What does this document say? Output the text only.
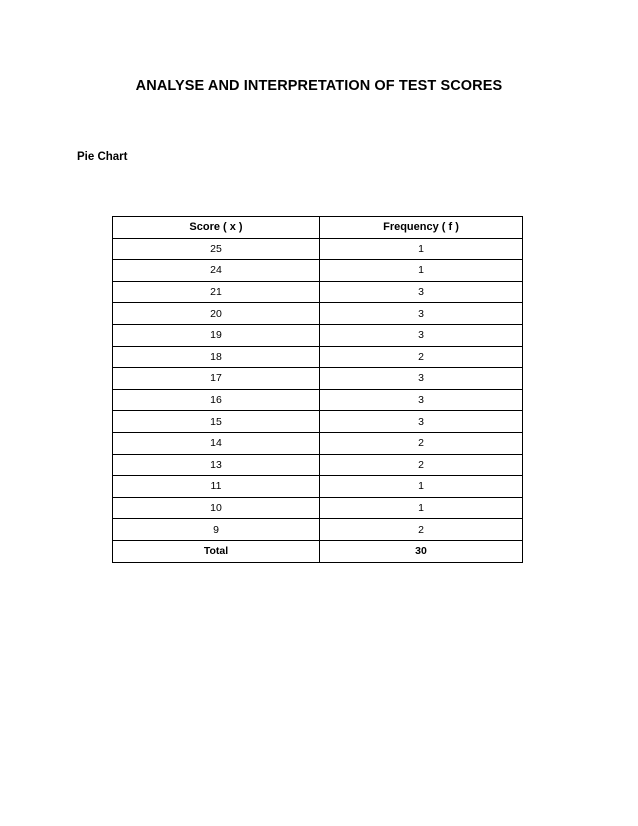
ANALYSE AND INTERPRETATION OF TEST SCORES
Pie Chart
Score ( x )	Frequency ( f )
25	1
24	1
21	3
20	3
19	3
18	2
17	3
16	3
15	3
14	2
13	2
11	1
10	1
9	2
Total	30
